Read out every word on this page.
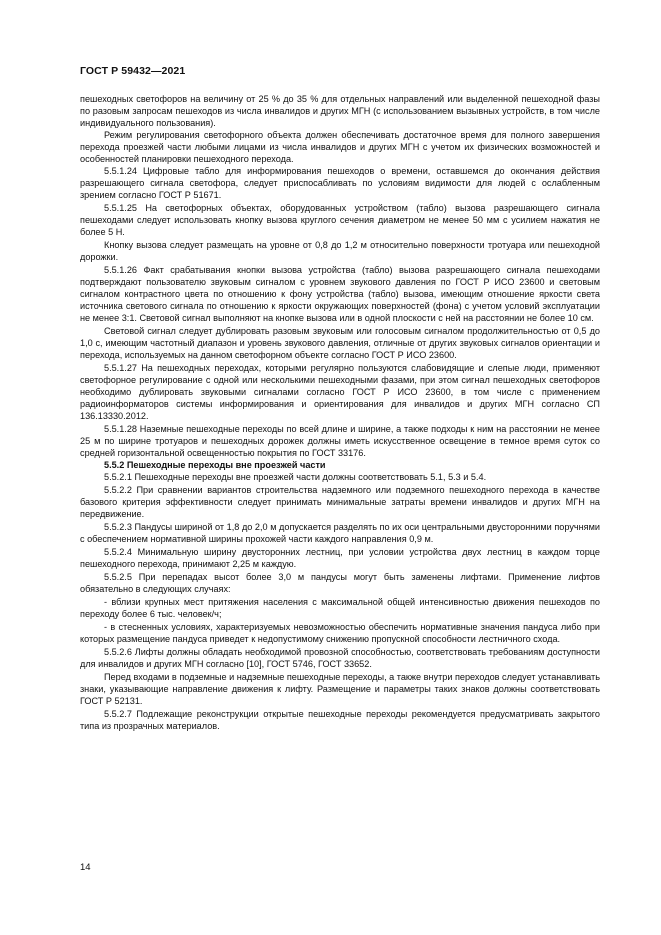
ГОСТ Р 59432—2021

пешеходных светофоров на величину от 25 % до 35 % для отдельных направлений или выделенной пешеходной фазы по разовым запросам пешеходов из числа инвалидов и других МГН (с использованием вызывных устройств, в том числе индивидуального пользования).

Режим регулирования светофорного объекта должен обеспечивать достаточное время для полного завершения перехода проезжей части любыми лицами из числа инвалидов и других МГН с учетом их физических возможностей и особенностей планировки пешеходного перехода.

5.5.1.24 Цифровые табло для информирования пешеходов о времени, оставшемся до окончания действия разрешающего сигнала светофора, следует приспосабливать по условиям видимости для людей с ослабленным зрением согласно ГОСТ Р 51671.

5.5.1.25 На светофорных объектах, оборудованных устройством (табло) вызова разрешающего сигнала пешеходами следует использовать кнопку вызова круглого сечения диаметром не менее 50 мм с усилием нажатия не более 5 Н.

Кнопку вызова следует размещать на уровне от 0,8 до 1,2 м относительно поверхности тротуара или пешеходной дорожки.

5.5.1.26 Факт срабатывания кнопки вызова устройства (табло) вызова разрешающего сигнала пешеходами подтверждают пользователю звуковым сигналом с уровнем звукового давления по ГОСТ Р ИСО 23600 и световым сигналом контрастного цвета по отношению к фону устройства (табло) вызова, имеющим отношение яркости света источника светового сигнала по отношению к яркости окружающих поверхностей (фона) с учетом условий эксплуатации не менее 3:1. Световой сигнал выполняют на кнопке вызова или в одной плоскости с ней на расстоянии не более 10 см.

Световой сигнал следует дублировать разовым звуковым или голосовым сигналом продолжительностью от 0,5 до 1,0 с, имеющим частотный диапазон и уровень звукового давления, отличные от других звуковых сигналов ориентации и перехода, используемых на данном светофорном объекте согласно ГОСТ Р ИСО 23600.

5.5.1.27 На пешеходных переходах, которыми регулярно пользуются слабовидящие и слепые люди, применяют светофорное регулирование с одной или несколькими пешеходными фазами, при этом сигнал пешеходных светофоров необходимо дублировать звуковыми сигналами согласно ГОСТ Р ИСО 23600, в том числе с применением радиоинформаторов системы информирования и ориентирования для инвалидов и других МГН согласно СП 136.13330.2012.

5.5.1.28 Наземные пешеходные переходы по всей длине и ширине, а также подходы к ним на расстоянии не менее 25 м по ширине тротуаров и пешеходных дорожек должны иметь искусственное освещение в темное время суток со средней горизонтальной освещенностью покрытия по ГОСТ 33176.

5.5.2 Пешеходные переходы вне проезжей части

5.5.2.1 Пешеходные переходы вне проезжей части должны соответствовать 5.1, 5.3 и 5.4.

5.5.2.2 При сравнении вариантов строительства надземного или подземного пешеходного перехода в качестве базового критерия эффективности следует принимать минимальные затраты времени инвалидов и других МГН на передвижение.

5.5.2.3 Пандусы шириной от 1,8 до 2,0 м допускается разделять по их оси центральными двусторонними поручнями с обеспечением нормативной ширины прохожей части каждого направления 0,9 м.

5.5.2.4 Минимальную ширину двусторонних лестниц, при условии устройства двух лестниц в каждом торце пешеходного перехода, принимают 2,25 м каждую.

5.5.2.5 При перепадах высот более 3,0 м пандусы могут быть заменены лифтами. Применение лифтов обязательно в следующих случаях:

- вблизи крупных мест притяжения населения с максимальной общей интенсивностью движения пешеходов по переходу более 6 тыс. человек/ч;

- в стесненных условиях, характеризуемых невозможностью обеспечить нормативные значения пандуса либо при которых размещение пандуса приведет к недопустимому снижению пропускной способности лестничного схода.

5.5.2.6 Лифты должны обладать необходимой провозной способностью, соответствовать требованиям доступности для инвалидов и других МГН согласно [10], ГОСТ 5746, ГОСТ 33652.

Перед входами в подземные и надземные пешеходные переходы, а также внутри переходов следует устанавливать знаки, указывающие направление движения к лифту. Размещение и параметры таких знаков должны соответствовать ГОСТ Р 52131.

5.5.2.7 Подлежащие реконструкции открытые пешеходные переходы рекомендуется предусматривать закрытого типа из прозрачных материалов.

14
